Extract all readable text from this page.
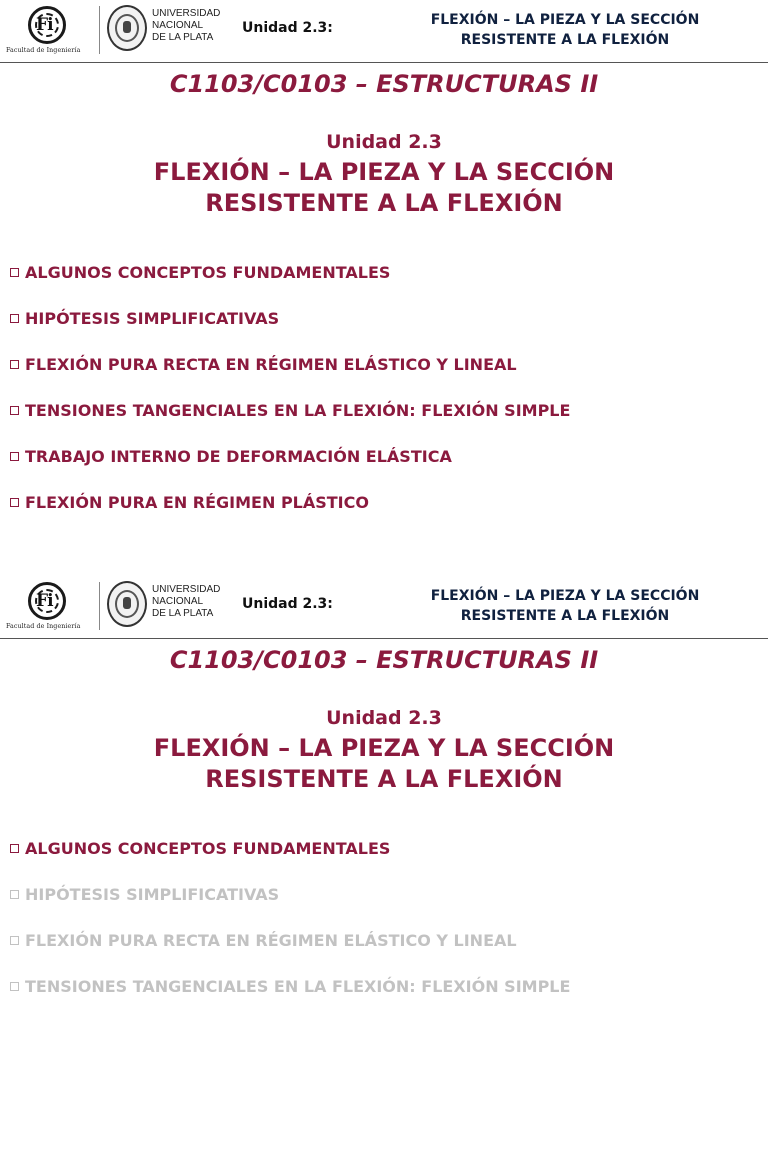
Fi
Facultad de Ingeniería
UNIVERSIDAD
NACIONAL
DE LA PLATA
Unidad 2.3:	FLEXIÓN – LA PIEZA Y LA SECCIÓN
RESISTENTE A LA FLEXIÓN
C1103/C0103 – ESTRUCTURAS II
Unidad 2.3
FLEXIÓN – LA PIEZA Y LA SECCIÓN
RESISTENTE A LA FLEXIÓN
ALGUNOS CONCEPTOS FUNDAMENTALES
HIPÓTESIS SIMPLIFICATIVAS
FLEXIÓN PURA RECTA EN RÉGIMEN ELÁSTICO Y LINEAL
TENSIONES TANGENCIALES EN LA FLEXIÓN: FLEXIÓN SIMPLE
TRABAJO INTERNO DE DEFORMACIÓN ELÁSTICA
FLEXIÓN PURA EN RÉGIMEN PLÁSTICO
Fi
Facultad de Ingeniería
UNIVERSIDAD
NACIONAL
DE LA PLATA
Unidad 2.3:	FLEXIÓN – LA PIEZA Y LA SECCIÓN
RESISTENTE A LA FLEXIÓN
C1103/C0103 – ESTRUCTURAS II
Unidad 2.3
FLEXIÓN – LA PIEZA Y LA SECCIÓN
RESISTENTE A LA FLEXIÓN
ALGUNOS CONCEPTOS FUNDAMENTALES
HIPÓTESIS SIMPLIFICATIVAS
FLEXIÓN PURA RECTA EN RÉGIMEN ELÁSTICO Y LINEAL
TENSIONES TANGENCIALES EN LA FLEXIÓN: FLEXIÓN SIMPLE
